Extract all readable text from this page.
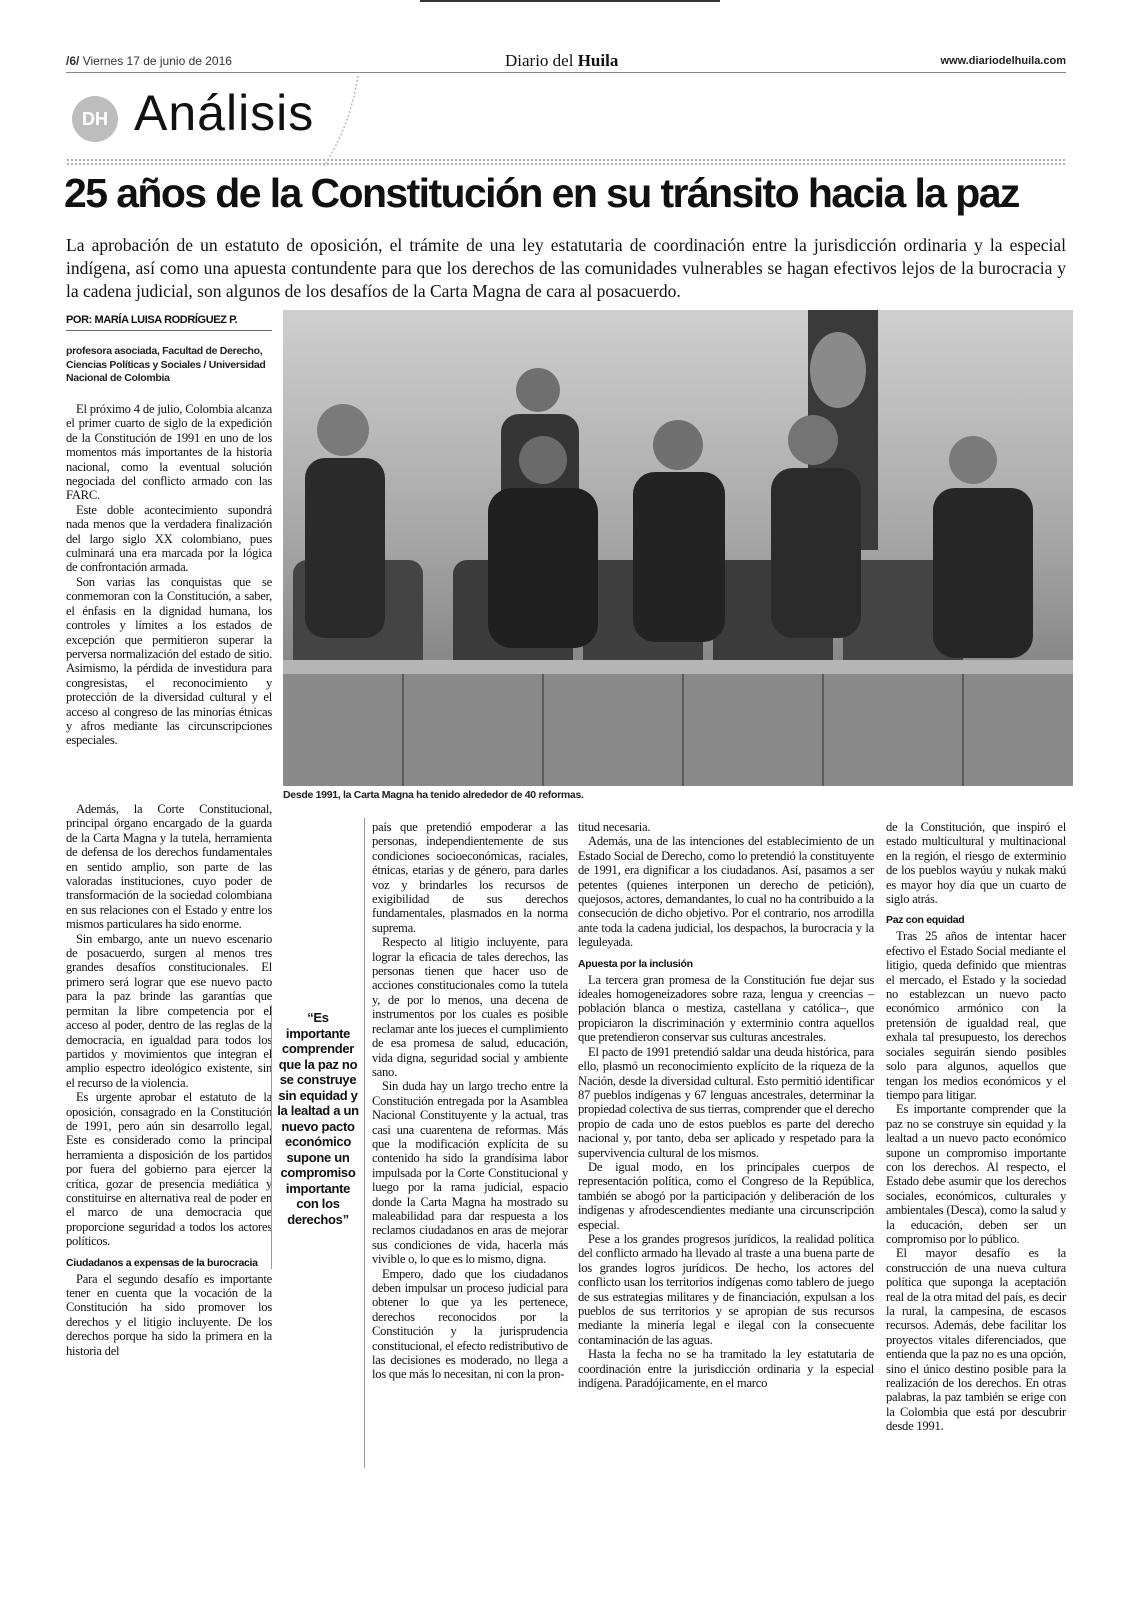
/6/ Viernes 17 de junio de 2016	Diario del Huila	www.diariodelhuila.com
DH Análisis
25 años de la Constitución en su tránsito hacia la paz
La aprobación de un estatuto de oposición, el trámite de una ley estatutaria de coordinación entre la jurisdicción ordinaria y la especial indígena, así como una apuesta contundente para que los derechos de las comunidades vulnerables se hagan efectivos lejos de la burocracia y la cadena judicial, son algunos de los desafíos de la Carta Magna de cara al posacuerdo.
POR: MARÍA LUISA RODRÍGUEZ P.
profesora asociada, Facultad de Derecho, Ciencias Políticas y Sociales / Universidad Nacional de Colombia

El próximo 4 de julio, Colombia alcanza el primer cuarto de siglo de la expedición de la Constitución de 1991 en uno de los momentos más importantes de la historia nacional, como la eventual solución negociada del conflicto armado con las FARC.

Este doble acontecimiento supondrá nada menos que la verdadera finalización del largo siglo XX colombiano, pues culminará una era marcada por la lógica de confrontación armada.

Son varias las conquistas que se conmemoran con la Constitución, a saber, el énfasis en la dignidad humana, los controles y límites a los estados de excepción que permitieron superar la perversa normalización del estado de sitio. Asimismo, la pérdida de investidura para congresistas, el reconocimiento y protección de la diversidad cultural y el acceso al congreso de las minorías étnicas y afros mediante las circunscripciones especiales.

Desde 1991, la Carta Magna ha tenido alrededor de 40 reformas.

Además, la Corte Constitucional, principal órgano encargado de la guarda de la Carta Magna y la tutela, herramienta de defensa de los derechos fundamentales en sentido amplio, son parte de las valoradas instituciones, cuyo poder de transformación de la sociedad colombiana en sus relaciones con el Estado y entre los mismos particulares ha sido enorme.

Sin embargo, ante un nuevo escenario de posacuerdo, surgen al menos tres grandes desafíos constitucionales. El primero será lograr que ese nuevo pacto para la paz brinde las garantías que permitan la libre competencia por el acceso al poder, dentro de las reglas de la democracia, en igualdad para todos los partidos y movimientos que integran el amplio espectro ideológico existente, sin el recurso de la violencia.

Es urgente aprobar el estatuto de la oposición, consagrado en la Constitución de 1991, pero aún sin desarrollo legal. Este es considerado como la principal herramienta a disposición de los partidos por fuera del gobierno para ejercer la crítica, gozar de presencia mediática y constituirse en alternativa real de poder en el marco de una democracia que proporcione seguridad a todos los actores políticos.

Ciudadanos a expensas de la burocracia

Para el segundo desafío es importante tener en cuenta que la vocación de la Constitución ha sido promover los derechos y el litigio incluyente. De los derechos porque ha sido la primera en la historia del

“Es importante comprender que la paz no se construye sin equidad y la lealtad a un nuevo pacto económico supone un compromiso importante con los derechos”

país que pretendió empoderar a las personas, independientemente de sus condiciones socioeconómicas, raciales, étnicas, etarias y de género, para darles voz y brindarles los recursos de exigibilidad de sus derechos fundamentales, plasmados en la norma suprema.

Respecto al litigio incluyente, para lograr la eficacia de tales derechos, las personas tienen que hacer uso de acciones constitucionales como la tutela y, de por lo menos, una decena de instrumentos por los cuales es posible reclamar ante los jueces el cumplimiento de esa promesa de salud, educación, vida digna, seguridad social y ambiente sano.

Sin duda hay un largo trecho entre la Constitución entregada por la Asamblea Nacional Constituyente y la actual, tras casi una cuarentena de reformas. Más que la modificación explícita de su contenido ha sido la grandísima labor impulsada por la Corte Constitucional y luego por la rama judicial, espacio donde la Carta Magna ha mostrado su maleabilidad para dar respuesta a los reclamos ciudadanos en aras de mejorar sus condiciones de vida, hacerla más vivible o, lo que es lo mismo, digna.

Empero, dado que los ciudadanos deben impulsar un proceso judicial para obtener lo que ya les pertenece, derechos reconocidos por la Constitución y la jurisprudencia constitucional, el efecto redistributivo de las decisiones es moderado, no llega a los que más lo necesitan, ni con la pron-

titud necesaria.

Además, una de las intenciones del establecimiento de un Estado Social de Derecho, como lo pretendió la constituyente de 1991, era dignificar a los ciudadanos. Así, pasamos a ser petentes (quienes interponen un derecho de petición), quejosos, actores, demandantes, lo cual no ha contribuido a la consecución de dicho objetivo. Por el contrario, nos arrodilla ante toda la cadena judicial, los despachos, la burocracia y la leguleyada.

Apuesta por la inclusión

La tercera gran promesa de la Constitución fue dejar sus ideales homogeneizadores sobre raza, lengua y creencias –población blanca o mestiza, castellana y católica–, que propiciaron la discriminación y exterminio contra aquellos que pretendieron conservar sus culturas ancestrales.

El pacto de 1991 pretendió saldar una deuda histórica, para ello, plasmó un reconocimiento explícito de la riqueza de la Nación, desde la diversidad cultural. Esto permitió identificar 87 pueblos indígenas y 67 lenguas ancestrales, determinar la propiedad colectiva de sus tierras, comprender que el derecho propio de cada uno de estos pueblos es parte del derecho nacional y, por tanto, deba ser aplicado y respetado para la supervivencia cultural de los mismos.

De igual modo, en los principales cuerpos de representación política, como el Congreso de la República, también se abogó por la participación y deliberación de los indígenas y afrodescendientes mediante una circunscripción especial.

Pese a los grandes progresos jurídicos, la realidad política del conflicto armado ha llevado al traste a una buena parte de los grandes logros jurídicos. De hecho, los actores del conflicto usan los territorios indígenas como tablero de juego de sus estrategias militares y de financiación, expulsan a los pueblos de sus territorios y se apropian de sus recursos mediante la minería legal e ilegal con la consecuente contaminación de las aguas.

Hasta la fecha no se ha tramitado la ley estatutaria de coordinación entre la jurisdicción ordinaria y la especial indígena. Paradójicamente, en el marco

de la Constitución, que inspiró el estado multicultural y multinacional en la región, el riesgo de exterminio de los pueblos wayúu y nukak makú es mayor hoy día que un cuarto de siglo atrás.

Paz con equidad

Tras 25 años de intentar hacer efectivo el Estado Social mediante el litigio, queda definido que mientras el mercado, el Estado y la sociedad no establezcan un nuevo pacto económico armónico con la pretensión de igualdad real, que exhala tal presupuesto, los derechos sociales seguirán siendo posibles solo para algunos, aquellos que tengan los medios económicos y el tiempo para litigar.

Es importante comprender que la paz no se construye sin equidad y la lealtad a un nuevo pacto económico supone un compromiso importante con los derechos. Al respecto, el Estado debe asumir que los derechos sociales, económicos, culturales y ambientales (Desca), como la salud y la educación, deben ser un compromiso por lo público.

El mayor desafío es la construcción de una nueva cultura política que suponga la aceptación real de la otra mitad del país, es decir la rural, la campesina, de escasos recursos. Además, debe facilitar los proyectos vitales diferenciados, que entienda que la paz no es una opción, sino el único destino posible para la realización de los derechos. En otras palabras, la paz también se erige con la Colombia que está por descubrir desde 1991.
